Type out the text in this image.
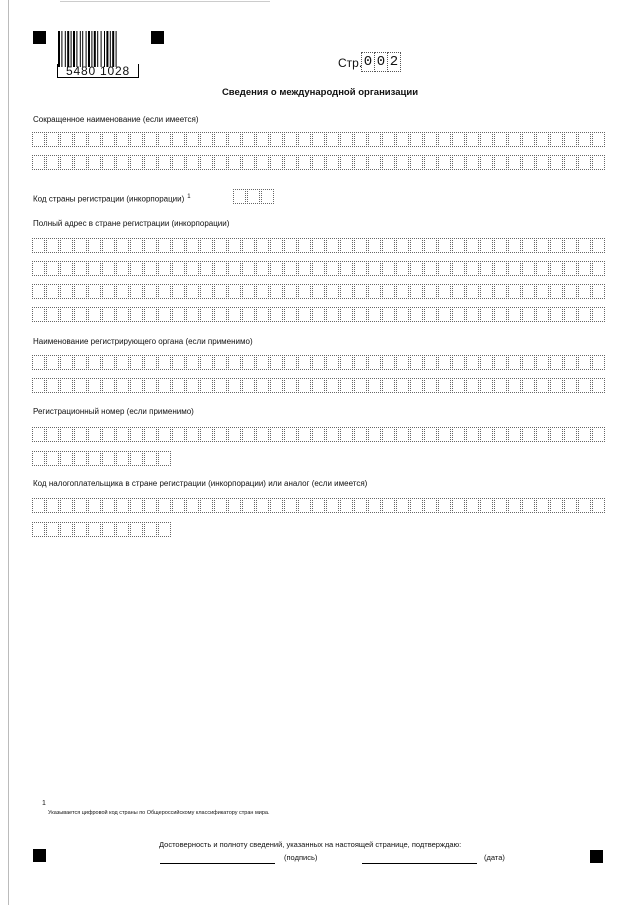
5480 1028
Стр. 0 0 2
Сведения о международной организации
Сокращенное наименование (если имеется)
Код страны регистрации (инкорпорации) $^1$
Полный адрес в стране регистрации (инкорпорации)
Наименование регистрирующего органа (если применимо)
Регистрационный номер (если применимо)
Код налогоплательщика в стране регистрации (инкорпорации) или аналог (если имеется)
1
Указывается цифровой код страны по Общероссийскому классификатору стран мира.
Достоверность и полноту сведений, указанных на настоящей странице, подтверждаю:
(подпись)	(дата)
